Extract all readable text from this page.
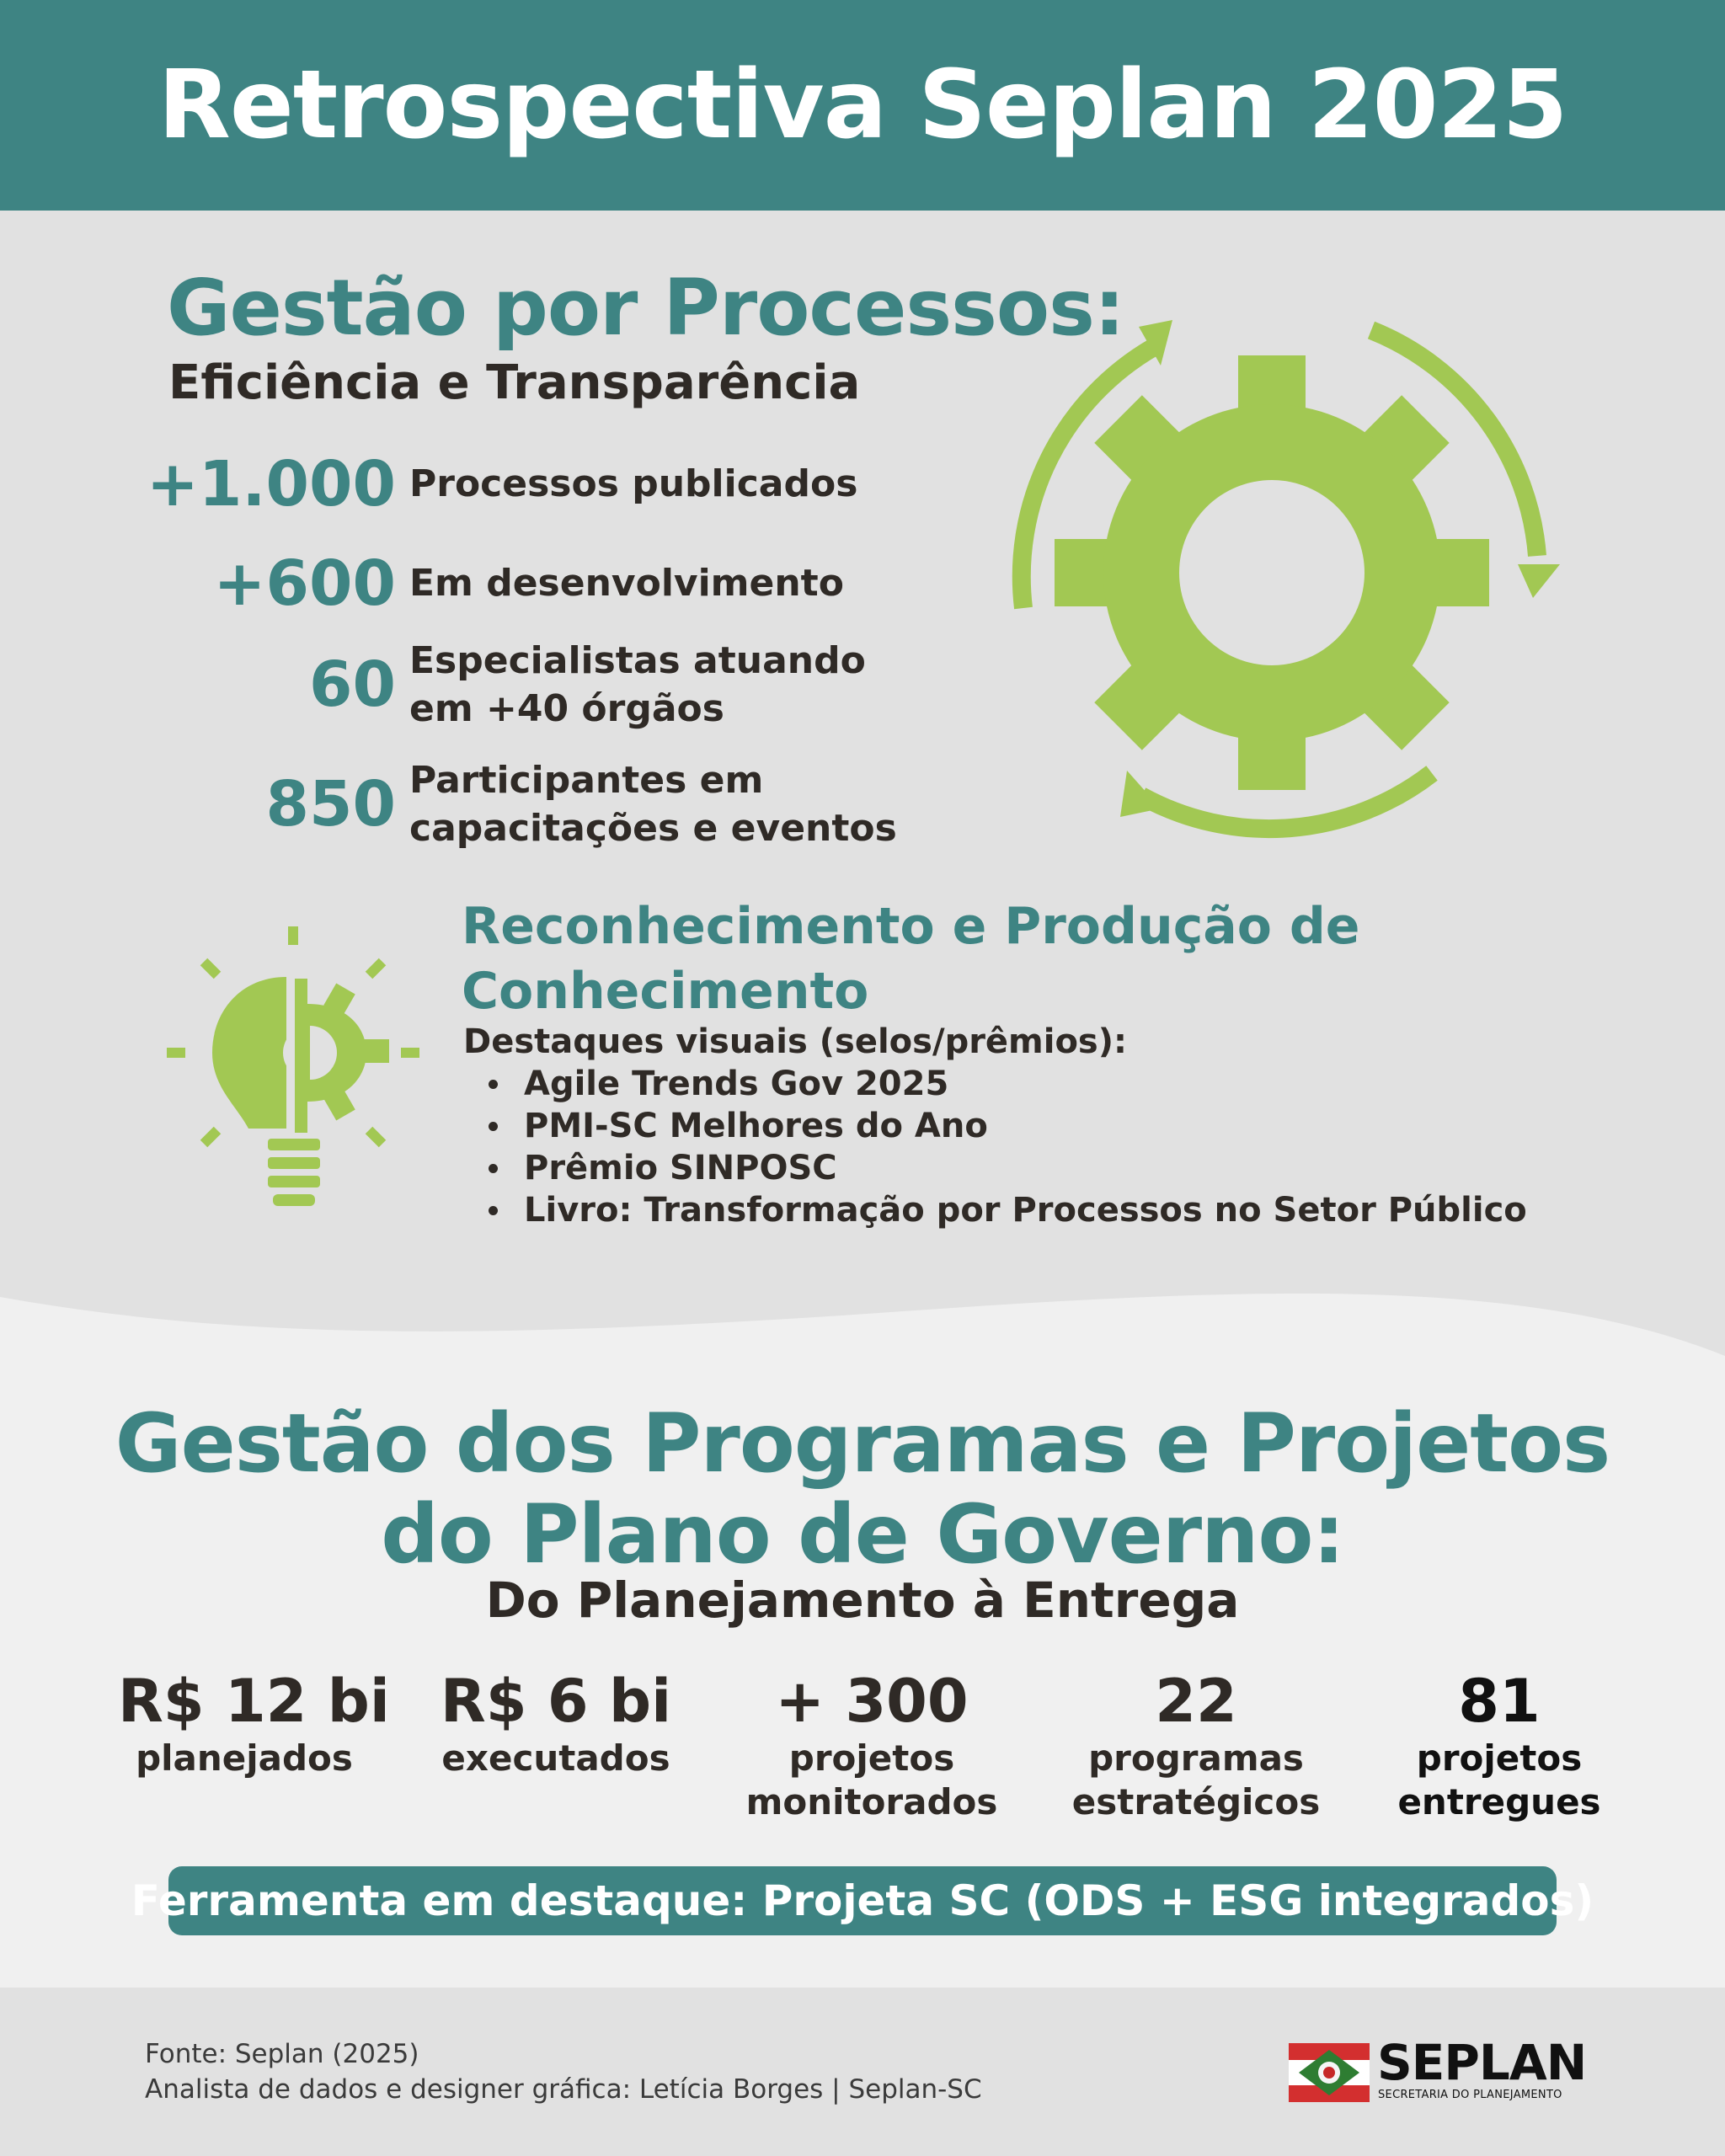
Retrospectiva Seplan 2025
Gestão por Processos:
Eficiência e Transparência
+1.000 Processos publicados
+600 Em desenvolvimento
60 Especialistas atuando em +40 órgãos
850 Participantes em capacitações e eventos
Reconhecimento e Produção de Conhecimento

Destaques visuais (selos/prêmios):

Agile Trends Gov 2025
PMI-SC Melhores do Ano
Prêmio SINPOSC
Livro: Transformação por Processos no Setor Público
Gestão dos Programas e Projetos
do Plano de Governo:
Do Planejamento à Entrega
R$ 12 bi
planejados
R$ 6 bi
executados
+ 300
projetos
monitorados
22
programas
estratégicos
81
projetos
entregues
Ferramenta em destaque: Projeta SC (ODS + ESG integrados)

Fonte: Seplan (2025)
Analista de dados e designer gráfica: Letícia Borges | Seplan-SC	SEPLAN
SECRETARIA DO PLANEJAMENTO
